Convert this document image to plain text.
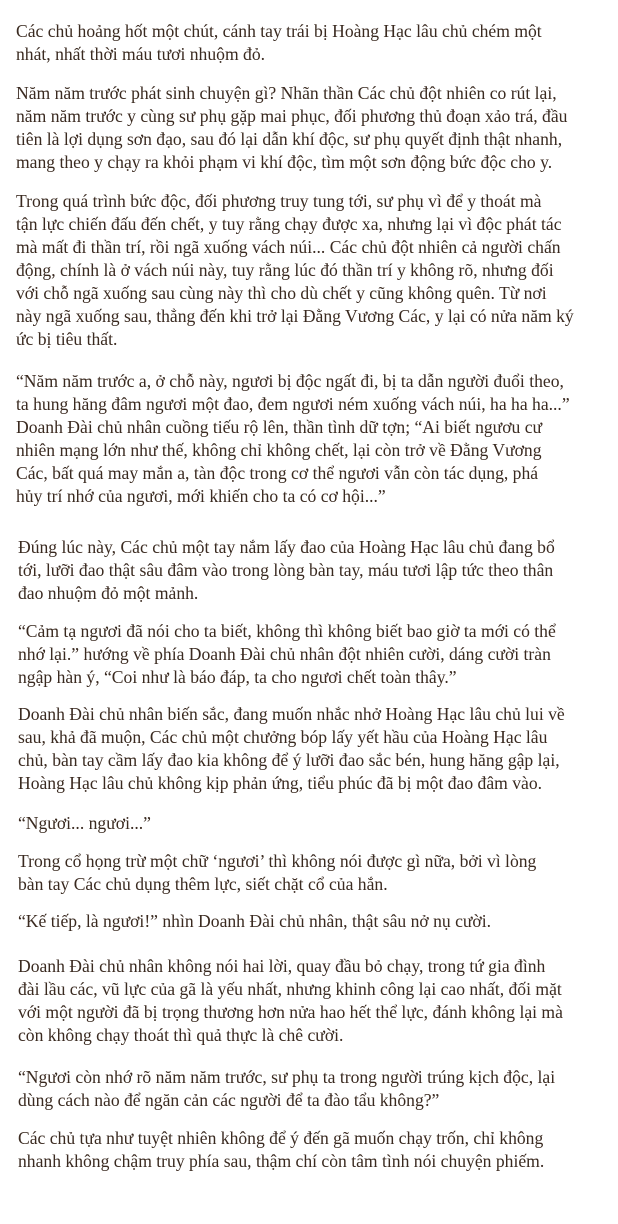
Các chủ hoảng hốt một chút, cánh tay trái bị Hoàng Hạc lâu chủ chém một
nhát, nhất thời máu tươi nhuộm đỏ.

Năm năm trước phát sinh chuyện gì? Nhãn thần Các chủ đột nhiên co rút lại,
năm năm trước y cùng sư phụ gặp mai phục, đối phương thủ đoạn xảo trá, đầu
tiên là lợi dụng sơn đạo, sau đó lại dẫn khí độc, sư phụ quyết định thật nhanh,
mang theo y chạy ra khỏi phạm vi khí độc, tìm một sơn động bức độc cho y.

Trong quá trình bức độc, đối phương truy tung tới, sư phụ vì để y thoát mà
tận lực chiến đấu đến chết, y tuy rằng chạy được xa, nhưng lại vì độc phát tác
mà mất đi thần trí, rồi ngã xuống vách núi... Các chủ đột nhiên cả người chấn
động, chính là ở vách núi này, tuy rằng lúc đó thần trí y không rõ, nhưng đối
với chỗ ngã xuống sau cùng này thì cho dù chết y cũng không quên. Từ nơi
này ngã xuống sau, thẳng đến khi trở lại Đằng Vương Các, y lại có nửa năm ký
ức bị tiêu thất.

“Năm năm trước a, ở chỗ này, ngươi bị độc ngất đi, bị ta dẫn người đuổi theo,
ta hung hăng đâm ngươi một đao, đem ngươi ném xuống vách núi, ha ha ha...”
Doanh Đài chủ nhân cuồng tiếu rộ lên, thần tình dữ tợn; “Ai biết ngươu cư
nhiên mạng lớn như thế, không chỉ không chết, lại còn trở về Đằng Vương
Các, bất quá may mắn a, tàn độc trong cơ thể ngươi vẫn còn tác dụng, phá
hủy trí nhớ của ngươi, mới khiến cho ta có cơ hội...”

Đúng lúc này, Các chủ một tay nắm lấy đao của Hoàng Hạc lâu chủ đang bổ
tới, lưỡi đao thật sâu đâm vào trong lòng bàn tay, máu tươi lập tức theo thân
đao nhuộm đỏ một mảnh.

“Cảm tạ ngươi đã nói cho ta biết, không thì không biết bao giờ ta mới có thể
nhớ lại.” hướng về phía Doanh Đài chủ nhân đột nhiên cười, dáng cười tràn
ngập hàn ý, “Coi như là báo đáp, ta cho ngươi chết toàn thây.”

Doanh Đài chủ nhân biến sắc, đang muốn nhắc nhở Hoàng Hạc lâu chủ lui về
sau, khả đã muộn, Các chủ một chưởng bóp lấy yết hầu của Hoàng Hạc lâu
chủ, bàn tay cầm lấy đao kia không để ý lưỡi đao sắc bén, hung hăng gập lại,
Hoàng Hạc lâu chủ không kịp phản ứng, tiểu phúc đã bị một đao đâm vào.

“Ngươi... ngươi...”

Trong cổ họng trừ một chữ ‘ngươi’ thì không nói được gì nữa, bởi vì lòng
bàn tay Các chủ dụng thêm lực, siết chặt cổ của hắn.

“Kế tiếp, là ngươi!” nhìn Doanh Đài chủ nhân, thật sâu nở nụ cười.

Doanh Đài chủ nhân không nói hai lời, quay đầu bỏ chạy, trong tứ gia đình
đài lầu các, vũ lực của gã là yếu nhất, nhưng khinh công lại cao nhất, đối mặt
với một người đã bị trọng thương hơn nửa hao hết thể lực, đánh không lại mà
còn không chạy thoát thì quả thực là chê cười.

“Ngươi còn nhớ rõ năm năm trước, sư phụ ta trong người trúng kịch độc, lại
dùng cách nào để ngăn cản các người để ta đào tẩu không?”

Các chủ tựa như tuyệt nhiên không để ý đến gã muốn chạy trốn, chỉ không
nhanh không chậm truy phía sau, thậm chí còn tâm tình nói chuyện phiếm.
